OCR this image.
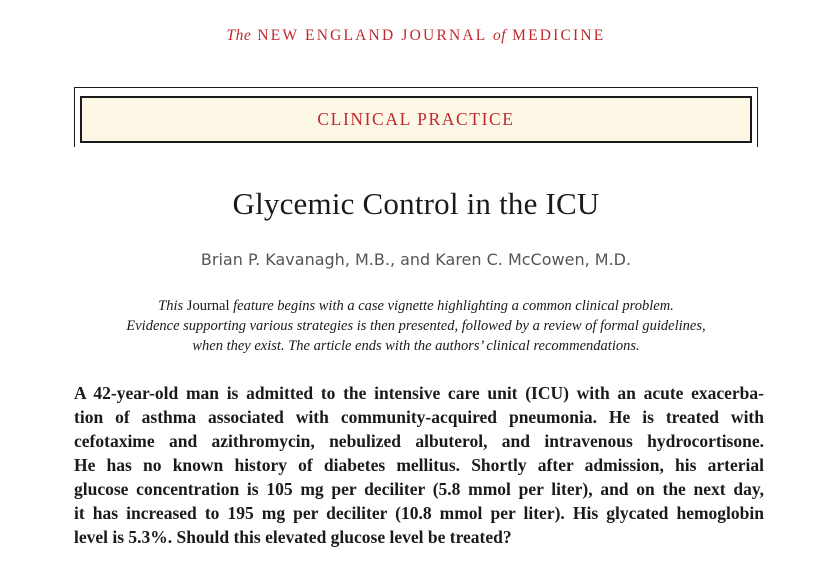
The NEW ENGLAND JOURNAL of MEDICINE
CLINICAL PRACTICE
Glycemic Control in the ICU
Brian P. Kavanagh, M.B., and Karen C. McCowen, M.D.
This Journal feature begins with a case vignette highlighting a common clinical problem.
Evidence supporting various strategies is then presented, followed by a review of formal guidelines,
when they exist. The article ends with the authors’ clinical recommendations.
A 42-year-old man is admitted to the intensive care unit (ICU) with an acute exacerba-
tion of asthma associated with community-acquired pneumonia. He is treated with
cefotaxime and azithromycin, nebulized albuterol, and intravenous hydrocortisone.
He has no known history of diabetes mellitus. Shortly after admission, his arterial
glucose concentration is 105 mg per deciliter (5.8 mmol per liter), and on the next day,
it has increased to 195 mg per deciliter (10.8 mmol per liter). His glycated hemoglobin
level is 5.3%. Should this elevated glucose level be treated?
